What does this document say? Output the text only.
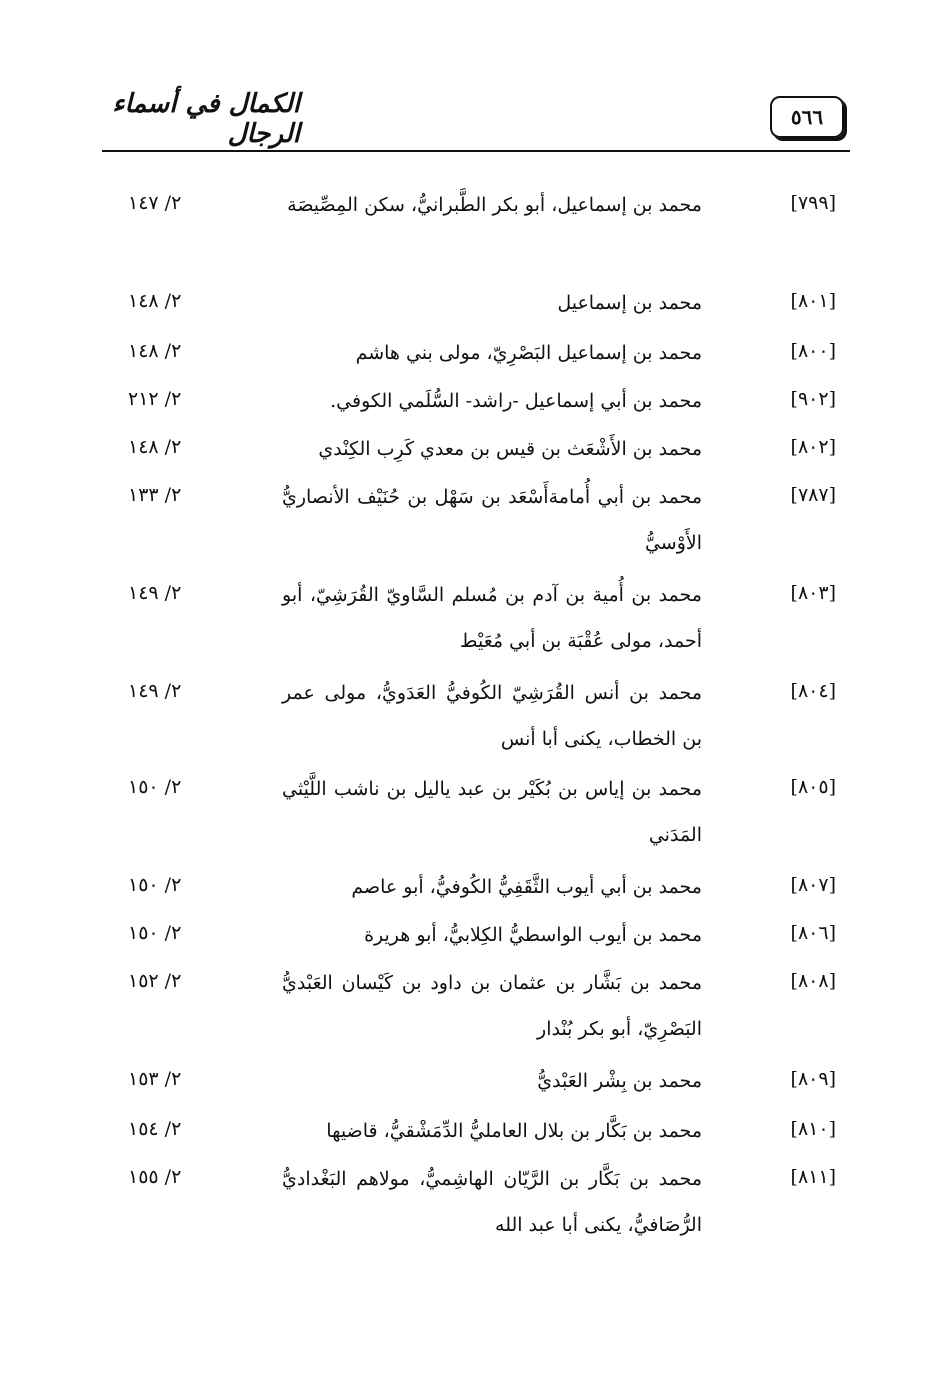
٥٦٦
الكمال في أسماء الرجال
[٧٩٩]
محمد بن إسماعيل، أبو بكر الطَّبرانيُّ، سكن المِصِّيصَة
٢/ ١٤٧
[٨٠١]
محمد بن إسماعيل
٢/ ١٤٨
[٨٠٠]
محمد بن إسماعيل البَصْرِيّ، مولى بني هاشم
٢/ ١٤٨
[٩٠٢]
محمد بن أبي إسماعيل -راشد- السُّلَمي الكوفي.
٢/ ٢١٢
[٨٠٢]
محمد بن الأَشْعَث بن قيس بن معدي كَرِب الكِنْدي
٢/ ١٤٨
[٧٨٧]
محمد بن أبي أُمامةأَسْعَد بن سَهْل بن حُنَيْف الأنصاريُّ الأَوْسيُّ
٢/ ١٣٣
[٨٠٣]
محمد بن أُمية بن آدم بن مُسلم السَّاويّ القُرَشِيّ، أبو أحمد، مولى عُقْبَة بن أبي مُعَيْط
٢/ ١٤٩
[٨٠٤]
محمد بن أنس القُرَشِيّ الكُوفيُّ العَدَويُّ، مولى عمر بن الخطاب، يكنى أبا أنس
٢/ ١٤٩
[٨٠٥]
محمد بن إياس بن بُكَيْر بن عبد ياليل بن ناشب اللَّيْثي المَدَني
٢/ ١٥٠
[٨٠٧]
محمد بن أبي أيوب الثَّقَفِيُّ الكُوفيُّ، أبو عاصم
٢/ ١٥٠
[٨٠٦]
محمد بن أيوب الواسطيُّ الكِلابيُّ، أبو هريرة
٢/ ١٥٠
[٨٠٨]
محمد بن بَشَّار بن عثمان بن داود بن كَيْسان العَبْديُّ البَصْرِيّ، أبو بكر بُنْدار
٢/ ١٥٢
[٨٠٩]
محمد بن بِشْر العَبْديُّ
٢/ ١٥٣
[٨١٠]
محمد بن بَكَّار بن بلال العامليُّ الدِّمَشْقيُّ، قاضيها
٢/ ١٥٤
[٨١١]
محمد بن بَكَّار بن الرَّيّان الهاشِميُّ، مولاهم البَغْداديُّ الرُّصَافيُّ، يكنى أبا عبد الله
٢/ ١٥٥
